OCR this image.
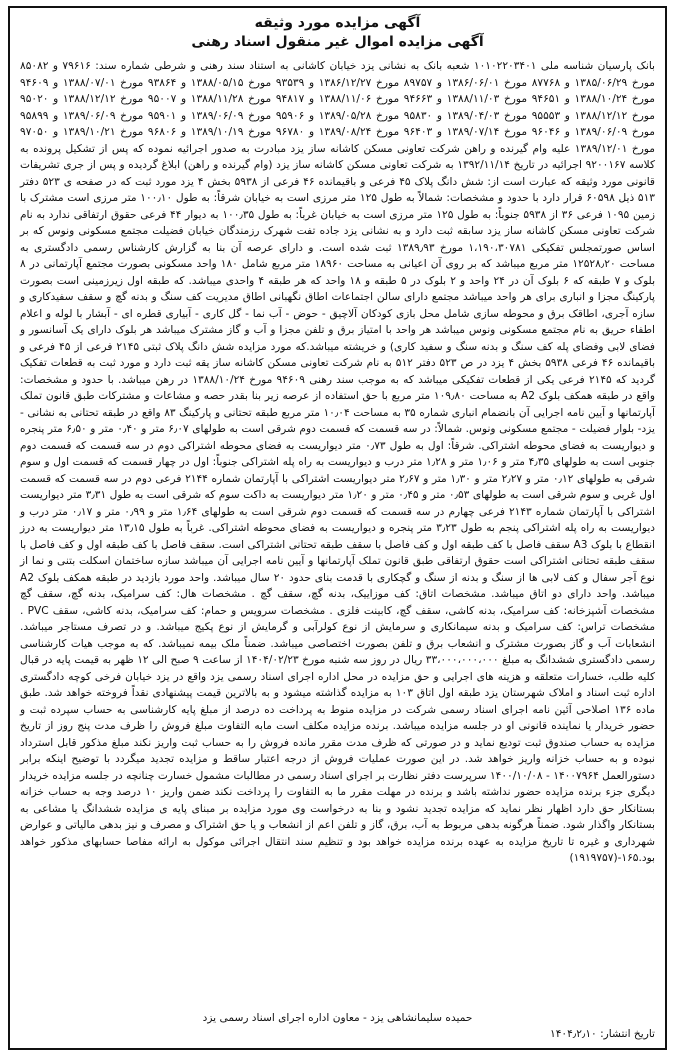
آگهی مزایده مورد وثیقه
آگهی مزایده اموال غیر منقول اسناد رهنی

بانک پارسیان شناسه ملی ۱۰۱۰۲۲۰۳۴۰۱ شعبه بانک به نشانی یزد خیابان کاشانی به استناد سند رهنی و شرطی شماره سند: ۷۹۶۱۶ و ۸۵۰۸۲ مورخ ۱۳۸۵/۰۶/۲۹ و ۸۷۷۶۸ مورخ ۱۳۸۶/۰۶/۰۱ و ۸۹۷۵۷ مورخ ۱۳۸۶/۱۲/۲۷ و ۹۳۵۳۹ مورخ ۱۳۸۸/۰۵/۱۵ و ۹۳۸۶۴ مورخ ۱۳۸۸/۰۷/۰۱ و ۹۴۶۰۹ مورخ ۱۳۸۸/۱۰/۲۴ و ۹۴۶۵۱ مورخ ۱۳۸۸/۱۱/۰۳ و ۹۴۶۶۳ مورخ ۱۳۸۸/۱۱/۰۶ و ۹۴۸۱۷ مورخ ۱۳۸۸/۱۱/۲۸ و ۹۵۰۰۷ مورخ ۱۳۸۸/۱۲/۱۲ و ۹۵۰۲۰ مورخ ۱۳۸۸/۱۲/۱۲ و ۹۵۵۵۳ مورخ ۱۳۸۹/۰۴/۰۳ و ۹۵۸۳۰ مورخ ۱۳۸۹/۰۵/۲۸ و ۹۵۹۰۶ مورخ ۱۳۸۹/۰۶/۰۹ و ۹۵۹۰۱ مورخ ۱۳۸۹/۰۶/۰۹ و ۹۵۸۹۹ مورخ ۱۳۸۹/۰۶/۰۹ و ۹۶۰۴۶ مورخ ۱۳۸۹/۰۷/۱۴ و ۹۶۴۰۳ مورخ ۱۳۸۹/۰۸/۲۴ و ۹۶۷۸۰ مورخ ۱۳۸۹/۱۰/۱۹ و ۹۶۸۰۶ مورخ ۱۳۸۹/۱۰/۲۱ و ۹۷۰۵۰ مورخ ۱۳۸۹/۱۲/۰۱ علیه وام گیرنده و راهن شرکت تعاونی مسکن کاشانه ساز یزد مبادرت به صدور اجرائیه نموده که پس از تشکیل پرونده به کلاسه ۹۲۰۰۱۶۷ اجرائیه در تاریخ ۱۳۹۲/۱۱/۱۴ به شرکت تعاونی مسکن کاشانه ساز یزد (وام گیرنده و راهن) ابلاغ گردیده و پس از جری تشریفات قانونی مورد وثیقه که عبارت است از: شش دانگ پلاک ۴۵ فرعی و باقیمانده ۴۶ فرعی از ۵۹۳۸ بخش ۴ یزد مورد ثبت که در صفحه ی ۵۲۳ دفتر ۵۱۳ ذیل ۶۰۵۹۸ قرار دارد با حدود و مشخصات: شمالاً به طول ۱۲۵ متر مرزی است به خیابان شرقاً: به طول ۱۰۰٫۱۰ متر مرزی است مشترک با زمین ۱۰۹۵ فرعی ۳۶ از ۵۹۳۸ جنوباً: به طول ۱۲۵ متر مرزی است به خیابان غرباً: به طول ۱۰۰٫۳۵ به دیوار ۴۴ فرعی حقوق ارتفاقی ندارد به نام شرکت تعاونی مسکن کاشانه ساز یزد سابقه ثبت دارد و به نشانی یزد جاده تفت شهرک رزمندگان خیابان فضیلت مجتمع مسکونی ونوس که بر اساس صورتمجلس تفکیکی ۱،۱۹۰،۳۰۷۸۱ مورخ ۱۳۸۹٫۹۳ ثبت شده است. و دارای عرصه آن بنا به گزارش کارشناس رسمی دادگستری به مساحت ۱۲۵۲۸٫۲۰ متر مربع میباشد که بر روی آن اعیانی به مساحت ۱۸۹۶۰ متر مربع شامل ۱۸۰ واحد مسکونی بصورت مجتمع آپارتمانی در ۸ بلوک و ۷ طبقه که ۶ بلوک آن در ۲۴ واحد و ۲ بلوک در ۵ طبقه و ۱۸ واحد که هر طبقه ۴ واحدی میباشد. که طبقه اول زیرزمینی است بصورت پارکینگ مجزا و انباری برای هر واحد میباشد مجتمع دارای سالن اجتماعات اطاق نگهبانی اطاق مدیریت کف سنگ و بدنه گچ و سقف سفیدکاری و سازه آجری، اطاقک برق و محوطه سازی شامل محل بازی کودکان آلاچیق - حوض - آب نما - گل کاری - آبیاری قطره ای - آبشار با لوله و اعلام اطفاء حریق به نام مجتمع مسکونی ونوس میباشد هر واحد با امتیاز برق و تلفن مجزا و آب و گاز مشترک میباشد هر بلوک دارای یک آسانسور و فضای لابی وفضای پله کف سنگ و بدنه سنگ و سفید کاری) و خریشته میباشد.که مورد مزایده شش دانگ پلاک ثبتی ۲۱۴۵ فرعی از ۴۵ فرعی و باقیمانده ۴۶ فرعی ۵۹۳۸ بخش ۴ یزد در ص ۵۲۳ دفتر ۵۱۲ به نام شرکت تعاونی مسکن کاشانه ساز یقه ثبت دارد و مورد ثبت به قطعات تفکیک گردید که ۲۱۴۵ فرعی یکی از قطعات تفکیکی میباشد که به موجب سند رهنی ۹۴۶۰۹ مورخ ۱۳۸۸/۱۰/۲۴ در رهن میباشد. با حدود و مشخصات: واقع در طبقه همکف بلوک A2 به مساحت ۱۰۹٫۸۰ متر مربع با حق استفاده از عرصه زیر بنا بقدر حصه و مشاعات و مشترکات طبق قانون تملک آپارتمانها و آیین نامه اجرایی آن بانضمام انباری شماره ۳۵ به مساحت ۱۰٫۰۴ متر مربع طبقه تحتانی و پارکینگ ۸۳ واقع در طبقه تحتانی به نشانی - یزد- بلوار فضیلت - مجتمع مسکونی ونوس. شمالاً: در سه قسمت که قسمت دوم شرقی است به طولهای ۶٫۰۷ متر و ۰٫۴۰ متر و ۶٫۵۰ متر پنجره و دیواریست به فضای محوطه اشتراکی. شرقاً: اول به طول ۰٫۷۳ متر دیواریست به فضای محوطه اشتراکی دوم در سه قسمت که قسمت دوم جنوبی است به طولهای ۴٫۳۵ متر و ۱٫۰۶ متر و ۱٫۲۸ متر درب و دیواریست به راه پله اشتراکی جنوباً: اول در چهار قسمت که قسمت اول و سوم شرقی به طولهای ۰٫۱۲ متر و ۲٫۲۷ متر و ۱٫۳۰ متر و ۲٫۶۷ متر دیواریست اشتراکی با آپارتمان شماره ۲۱۴۴ فرعی دوم در سه قسمت که قسمت اول غربی و سوم شرقی است به طولهای ۰٫۵۳ متر و ۰٫۴۵ متر و ۱٫۲۰ متر دیواریست به داکت سوم که شرقی است به طول ۳٫۳۱ متر دیواریست اشتراکی با آپارتمان شماره ۲۱۴۳ فرعی چهارم در سه قسمت که قسمت دوم شرقی است به طولهای ۱٫۶۴ متر و ۰٫۹۹ متر و ۰٫۱۷ متر درب و دیواریست به راه پله اشتراکی پنجم به طول ۳٫۲۳ متر پنجره و دیواریست به فضای محوطه اشتراکی. غرباً به طول ۱۳٫۱۵ متر دیواریست به درز انقطاع با بلوک A3 سقف فاصل با کف طبقه اول و کف فاصل با سقف طبقه تحتانی اشتراکی است. سقف فاصل با کف طبقه اول و کف فاصل با سقف طبقه تحتانی اشتراکی است حقوق ارتفاقی طبق قانون تملک آپارتمانها و آیین نامه اجرایی آن میباشد سازه ساختمان اسکلت بتنی و نما از نوع آجر سفال و کف لابی ها از سنگ و بدنه از سنگ و گچکاری با قدمت بنای حدود ۲۰ سال میباشد. واحد مورد بازدید در طبقه همکف بلوک A2 میباشد. واحد دارای دو اتاق میباشد. مشخصات اتاق: کف موزاییک، بدنه گچ، سقف گچ . مشخصات هال: کف سرامیک، بدنه گچ، سقف گچ مشخصات آشپزخانه: کف سرامیک، بدنه کاشی، سقف گچ، کابینت فلزی . مشخصات سرویس و حمام: کف سرامیک، بدنه کاشی، سقف PVC . مشخصات تراس: کف سرامیک و بدنه سیمانکاری و سرمایش از نوع کولرآبی و گرمایش از نوع پکیج میباشد. و در تصرف مستاجر میباشد. انشعابات آب و گاز بصورت مشترک و انشعاب برق و تلفن بصورت اختصاصی میباشد. ضمناً ملک بیمه نمیباشد. که به موجب هیات کارشناسی رسمی دادگستری ششدانگ به مبلغ ۳۳،۰۰۰،۰۰۰،۰۰۰ ریال در روز سه شنبه مورخ ۱۴۰۴/۰۲/۲۳ از ساعت ۹ صبح الی ۱۲ ظهر به قیمت پایه در قبال کلیه طلب، خسارات متعلقه و هزینه های اجرایی و حق مزایده در محل اداره اجرای اسناد رسمی یزد واقع در یزد خیابان فرخی کوچه دادگستری اداره ثبت اسناد و املاک شهرستان یزد طبقه اول اتاق ۱۰۳ به مزایده گذاشته میشود و به بالاترین قیمت پیشنهادی نقداً فروخته خواهد شد. طبق ماده ۱۳۶ اصلاحی آئین نامه اجرای اسناد رسمی شرکت در مزایده منوط به پرداخت ده درصد از مبلغ پایه کارشناسی به حساب سپرده ثبت و حضور خریدار یا نماینده قانونی او در جلسه مزایده میباشد. برنده مزایده مکلف است مابه التفاوت مبلغ فروش را ظرف مدت پنج روز از تاریخ مزایده به حساب صندوق ثبت تودیع نماید و در صورتی که ظرف مدت مقرر مانده فروش را به حساب ثبت واریز نکند مبلغ مذکور قابل استرداد نبوده و به حساب خزانه واریز خواهد شد. در این صورت عملیات فروش از درجه اعتبار ساقط و مزایده تجدید میگردد با توضیح اینکه برابر دستورالعمل ۱۴۰۰۷۹۶۴ - ۱۴۰۰/۱۰/۰۸ سرپرست دفتر نظارت بر اجرای اسناد رسمی در مطالبات مشمول خسارت چنانچه در جلسه مزایده خریدار دیگری جزء برنده مزایده حضور نداشته باشد و برنده در مهلت مقرر ما به التفاوت را پرداخت نکند ضمن واریز ۱۰ درصد وجه به حساب خزانه بستانکار حق دارد اظهار نظر نماید که مزایده تجدید نشود و بنا به درخواست وی مورد مزایده بر مبنای پایه ی مزایده ششدانگ یا مشاعی به بستانکار واگذار شود. ضمناً هرگونه بدهی مربوط به آب، برق، گاز و تلفن اعم از انشعاب و یا حق اشتراک و مصرف و نیز بدهی مالیاتی و عوارض شهرداری و غیره تا تاریخ مزایده به عهده برنده مزایده خواهد بود و تنظیم سند انتقال اجرائی موکول به ارائه مفاصا حسابهای مذکور خواهد بود.۱۶۵-(۱۹۱۹۷۵۷)

حمیده سلیمانشاهی یزد - معاون اداره اجرای اسناد رسمی یزد
تاریخ انتشار: ۱۴۰۴٫۲٫۱۰
